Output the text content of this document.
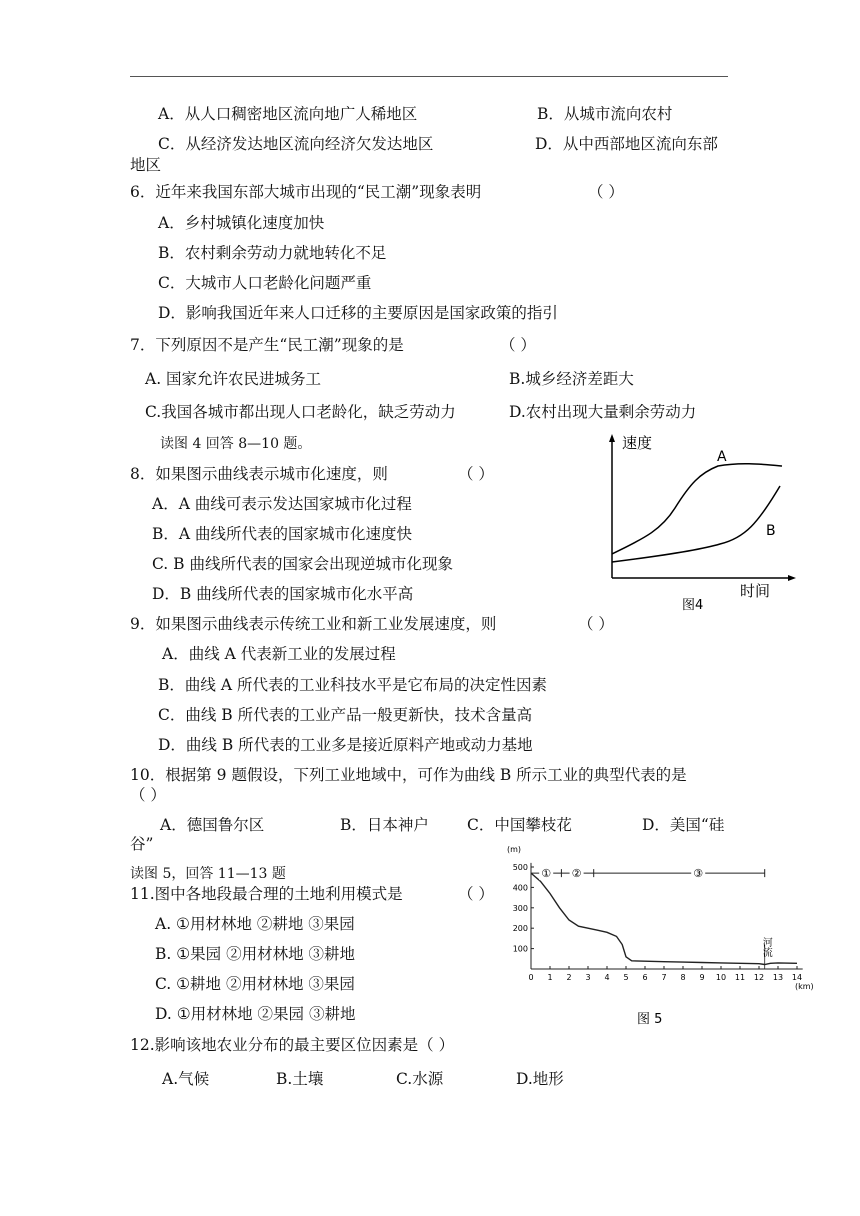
A．从人口稠密地区流向地广人稀地区	B．从城市流向农村
C．从经济发达地区流向经济欠发达地区	D．从中西部地区流向东部
地区
6．近年来我国东部大城市出现的“民工潮”现象表明	（ ）
A．乡村城镇化速度加快
B．农村剩余劳动力就地转化不足
C．大城市人口老龄化问题严重
D．影响我国近年来人口迁移的主要原因是国家政策的指引
7．下列原因不是产生“民工潮”现象的是	（ ）
A. 国家允许农民进城务工	B.城乡经济差距大
C.我国各城市都出现人口老龄化，缺乏劳动力	D.农村出现大量剩余劳动力
读图 4 回答 8—10 题。
8．如果图示曲线表示城市化速度，则	（ ）
A．A 曲线可表示发达国家城市化过程
B．A 曲线所代表的国家城市化速度快
C. B 曲线所代表的国家会出现逆城市化现象
D．B 曲线所代表的国家城市化水平高
速度
时间
A
B
图4
9．如果图示曲线表示传统工业和新工业发展速度，则	（ ）
A．曲线 A 代表新工业的发展过程
B．曲线 A 所代表的工业科技水平是它布局的决定性因素
C．曲线 B 所代表的工业产品一般更新快，技术含量高
D．曲线 B 所代表的工业多是接近原料产地或动力基地
10．根据第 9 题假设，下列工业地域中，可作为曲线 B 所示工业的典型代表的是
（ ）
A．德国鲁尔区	B．日本神户 C．中国攀枝花	D．美国“硅
谷”
读图 5，回答 11—13 题
11.图中各地段最合理的土地利用模式是	（ ）
A. ①用材林地 ②耕地 ③果园
B. ①果园 ②用材林地 ③耕地
C. ①耕地 ②用材林地 ③果园
D. ①用材林地 ②果园 ③耕地
500
400
300
200
100
0 1 2 3 4 5 6 7 8 9 10 11 12 13 14
① ②	③
(m)
(km)
河流
图 5
12.影响该地农业分布的最主要区位因素是（ ）
A.气候	B.土壤	C.水源	D.地形
